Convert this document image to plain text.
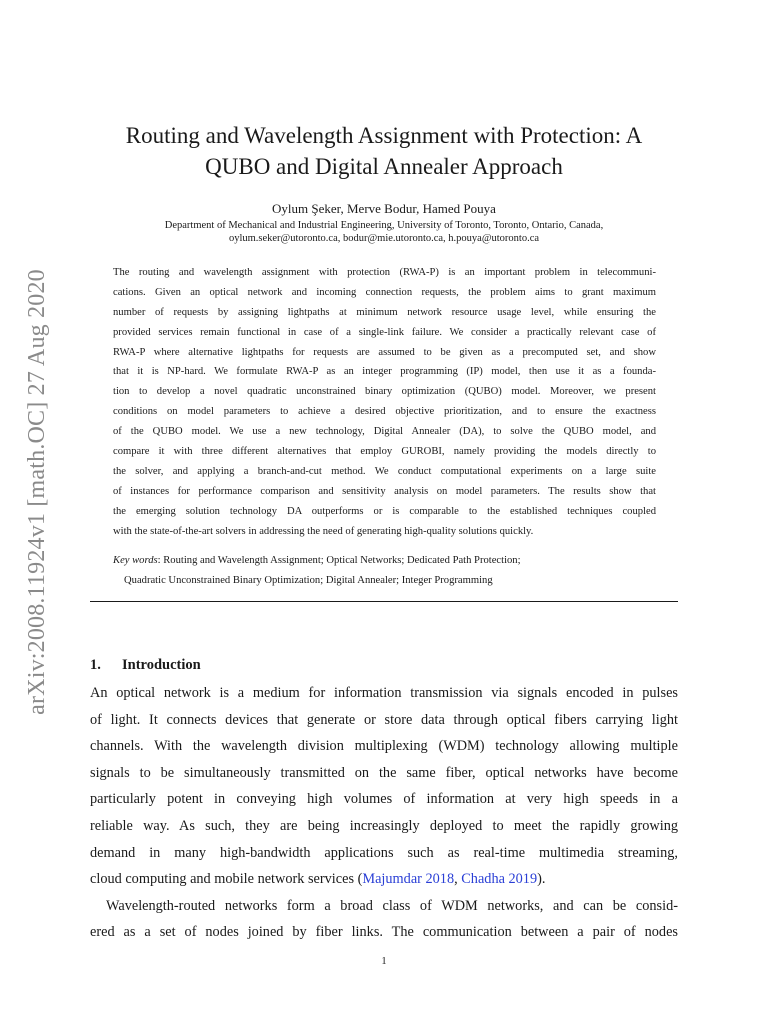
arXiv:2008.11924v1 [math.OC] 27 Aug 2020
Routing and Wavelength Assignment with Protection: A
QUBO and Digital Annealer Approach
Oylum Şeker, Merve Bodur, Hamed Pouya
Department of Mechanical and Industrial Engineering, University of Toronto, Toronto, Ontario, Canada,
oylum.seker@utoronto.ca, bodur@mie.utoronto.ca, h.pouya@utoronto.ca
The routing and wavelength assignment with protection (RWA-P) is an important problem in telecommuni-
cations. Given an optical network and incoming connection requests, the problem aims to grant maximum
number of requests by assigning lightpaths at minimum network resource usage level, while ensuring the
provided services remain functional in case of a single-link failure. We consider a practically relevant case of
RWA-P where alternative lightpaths for requests are assumed to be given as a precomputed set, and show
that it is NP-hard. We formulate RWA-P as an integer programming (IP) model, then use it as a founda-
tion to develop a novel quadratic unconstrained binary optimization (QUBO) model. Moreover, we present
conditions on model parameters to achieve a desired objective prioritization, and to ensure the exactness
of the QUBO model. We use a new technology, Digital Annealer (DA), to solve the QUBO model, and
compare it with three different alternatives that employ GUROBI, namely providing the models directly to
the solver, and applying a branch-and-cut method. We conduct computational experiments on a large suite
of instances for performance comparison and sensitivity analysis on model parameters. The results show that
the emerging solution technology DA outperforms or is comparable to the established techniques coupled
with the state-of-the-art solvers in addressing the need of generating high-quality solutions quickly.
Key words: Routing and Wavelength Assignment; Optical Networks; Dedicated Path Protection;
Quadratic Unconstrained Binary Optimization; Digital Annealer; Integer Programming
1. Introduction
An optical network is a medium for information transmission via signals encoded in pulses
of light. It connects devices that generate or store data through optical fibers carrying light
channels. With the wavelength division multiplexing (WDM) technology allowing multiple
signals to be simultaneously transmitted on the same fiber, optical networks have become
particularly potent in conveying high volumes of information at very high speeds in a
reliable way. As such, they are being increasingly deployed to meet the rapidly growing
demand in many high-bandwidth applications such as real-time multimedia streaming,
cloud computing and mobile network services (Majumdar 2018, Chadha 2019).
Wavelength-routed networks form a broad class of WDM networks, and can be consid-
ered as a set of nodes joined by fiber links. The communication between a pair of nodes
1
